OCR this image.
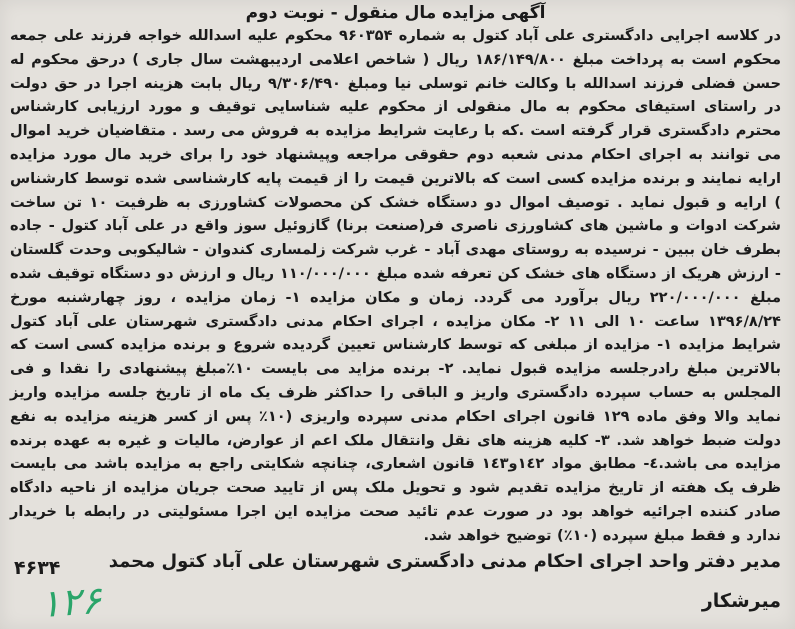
آگهی مزایده مال منقول - نوبت دوم

در کلاسه اجرایی دادگستری علی آباد کتول به شماره ۹۶۰۳۵۴ محکوم علیه اسدالله خواجه فرزند علی جمعه محکوم است به پرداخت مبلغ ۱۸۶/۱۴۹/۸۰۰ ریال ( شاخص اعلامی اردیبهشت سال جاری ) درحق محکوم له حسن فضلی فرزند اسدالله با وکالت خانم توسلی نیا ومبلغ ۹/۳۰۶/۴۹۰ ریال بابت هزینه اجرا در حق دولت در راستای استیفای محکوم به مال منقولی از محکوم علیه شناسایی توقیف و مورد ارزیابی کارشناس محترم دادگستری قرار گرفته است .که با رعایت شرایط مزایده به فروش می رسد . متقاضیان خرید اموال می توانند به اجرای احکام مدنی شعبه دوم حقوقی مراجعه وپیشنهاد خود را برای خرید مال مورد مزایده ارایه نمایند و برنده مزایده کسی است که بالاترین قیمت را از قیمت پایه کارشناسی شده توسط کارشناس ) ارایه و قبول نماید . توصیف اموال دو دستگاه خشک کن محصولات کشاورزی به ظرفیت ۱۰ تن ساخت شرکت ادوات و ماشین های کشاورزی ناصری فر(صنعت برنا) گازوئیل سوز واقع در علی آباد کتول - جاده بطرف خان ببین - نرسیده به روستای مهدی آباد - غرب شرکت زلمساری کندوان - شالیکوبی وحدت گلستان - ارزش هریک از دستگاه های خشک کن تعرفه شده مبلغ ۱۱۰/۰۰۰/۰۰۰ ریال و ارزش دو دستگاه توقیف شده مبلغ ۲۲۰/۰۰۰/۰۰۰ ریال برآورد می گردد. زمان و مکان مزایده ۱- زمان مزایده ، روز چهارشنبه مورخ ۱۳۹۶/۸/۲۴ ساعت ۱۰ الی ۱۱ ۲- مکان مزایده ، اجرای احکام مدنی دادگستری شهرستان علی آباد کتول شرایط مزایده ۱- مزایده از مبلغی که توسط کارشناس تعیین گردیده شروع و برنده مزایده کسی است که بالاترین مبلغ رادرجلسه مزایده قبول نماید. ۲- برنده مزاید می بایست ۱۰٪مبلغ پیشنهادی را نقدا و فی المجلس به حساب سپرده دادگستری واریز و الباقی را حداکثر ظرف یک ماه از تاریخ جلسه مزایده واریز نماید والا وفق ماده ۱۲۹ قانون اجرای احکام مدنی سپرده واریزی (۱۰٪ پس از کسر هزینه مزایده به نفع دولت ضبط خواهد شد. ۳- کلیه هزینه های نقل وانتقال ملک اعم از عوارض، مالیات و غیره به عهده برنده مزایده می باشد.٤- مطابق مواد ۱٤۲و۱٤۳ قانون اشعاری، چنانچه شکایتی راجع به مزایده باشد می بایست ظرف یک هفته از تاریخ مزایده تقدیم شود و تحویل ملک پس از تایید صحت جریان مزایده از ناحیه دادگاه صادر کننده اجرائیه خواهد بود در صورت عدم تائید صحت مزایده این اجرا مسئولیتی در رابطه با خریدار ندارد و فقط مبلغ سپرده (۱۰٪) توضیح خواهد شد.

مدیر دفتر واحد اجرای احکام مدنی دادگستری شهرستان علی آباد کتول محمد
۴۶۳۴
میرشکار
۱۲۶
